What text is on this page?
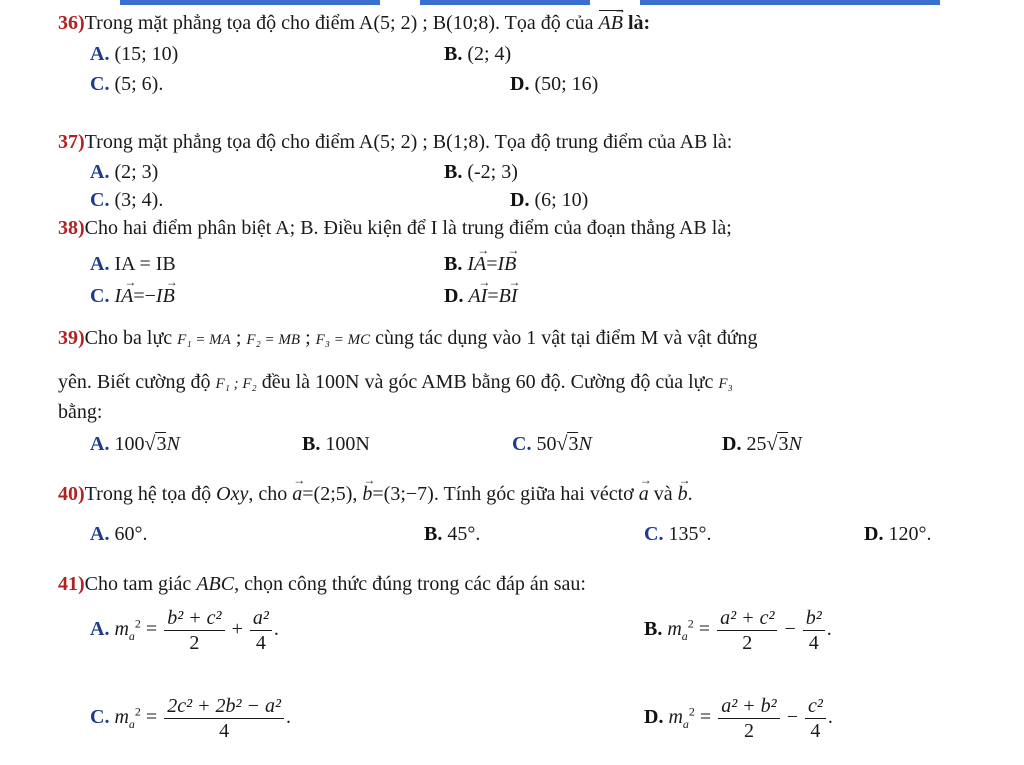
36)Trong mặt phẳng tọa độ cho điểm A(5; 2) ; B(10;8). Tọa độ của AB → là:
A. (15; 10)	B. (2; 4)
C. (5; 6).	D. (50; 16)
37)Trong mặt phẳng tọa độ cho điểm A(5; 2) ; B(1;8). Tọa độ trung điểm của AB là:
A. (2; 3)	B. (-2; 3)
C. (3; 4).	D. (6; 10)
38)Cho hai điểm phân biệt A; B. Điều kiện để I là trung điểm của đoạn thẳng AB là;
A. IA = IB	B. IA →=IB →
C. IA →=−IB →	D. AI →=BI →
39)Cho ba lực F₁ = MA ; F₂ = MB ; F₃ = MC cùng tác dụng vào 1 vật tại điểm M và vật đứng
yên. Biết cường độ F₁ ; F₂ đều là 100N và góc AMB bằng 60 độ. Cường độ của lực F₃
bằng:
A. 100√3N	B. 100N	C. 50√3N	D. 25√3N
40)Trong hệ tọa độ Oxy, cho a →=(2;5), b →=(3;−7). Tính góc giữa hai véctơ a → và b →.
A. 60°.	B. 45°.	C. 135°.	D. 120°.
41)Cho tam giác ABC, chọn công thức đúng trong các đáp án sau:
A. $m_a^2 = \frac{\text{b² + c²}}{2} + \frac{\text{a²}}{4}$ .	B. $m_a^2 = \frac{\text{a² + c²}}{2} - \frac{\text{b²}}{4}$ .
C. $m_a^2 = \frac{\text{2c² + 2b² − a²}}{4}$ .	D. $m_a^2 = \frac{\text{a² + b²}}{2} - \frac{\text{c²}}{4}$ .
